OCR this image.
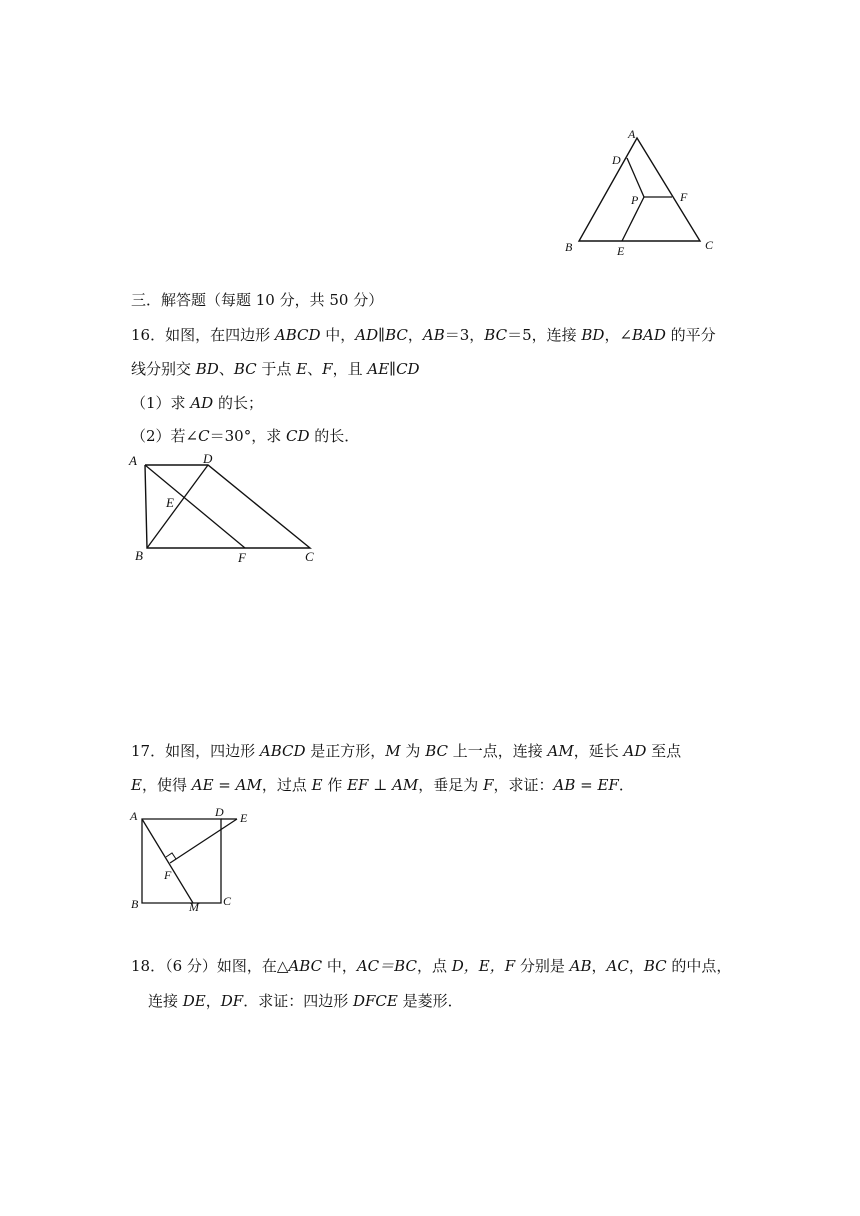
A
D
F
P
B	E	C
三．解答题（每题 10 分，共 50 分）
16．如图，在四边形 ABCD 中，AD∥BC，AB＝3，BC＝5，连接 BD，∠BAD 的平分
线分别交 BD、BC 于点 E、F，且 AE∥CD
（1）求 AD 的长；
（2）若∠C＝30°，求 CD 的长．
A	D
E
B	F	C
17．如图，四边形 ABCD 是正方形，M 为 BC 上一点，连接 AM，延长 AD 至点
E，使得 AE = AM，过点 E 作 EF ⊥ AM，垂足为 F，求证：AB = EF．
A	D E
F
B	M C
18．（6 分）如图，在△ABC 中，AC＝BC，点 D，E，F 分别是 AB，AC，BC 的中点，
连接 DE，DF．求证：四边形 DFCE 是菱形．
